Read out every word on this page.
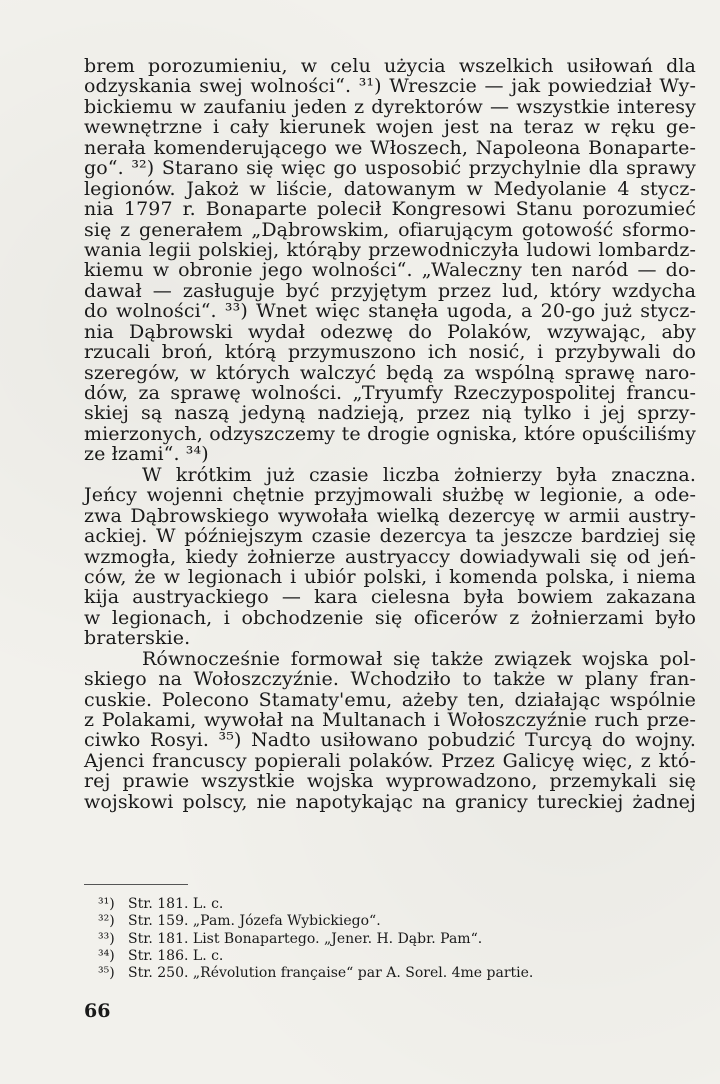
brem porozumieniu, w celu użycia wszelkich usiłowań dla
odzyskania swej wolności“. ³¹) Wreszcie — jak powiedział Wy-
bickiemu w zaufaniu jeden z dyrektorów — wszystkie interesy
wewnętrzne i cały kierunek wojen jest na teraz w ręku ge-
nerała komenderującego we Włoszech, Napoleona Bonaparte-
go“. ³²) Starano się więc go usposobić przychylnie dla sprawy
legionów. Jakoż w liście, datowanym w Medyolanie 4 stycz-
nia 1797 r. Bonaparte polecił Kongresowi Stanu porozumieć
się z generałem „Dąbrowskim, ofiarującym gotowość sformo-
wania legii polskiej, którąby przewodniczyła ludowi lombardz-
kiemu w obronie jego wolności“. „Waleczny ten naród — do-
dawał — zasługuje być przyjętym przez lud, który wzdycha
do wolności“. ³³) Wnet więc stanęła ugoda, a 20-go już stycz-
nia Dąbrowski wydał odezwę do Polaków, wzywając, aby
rzucali broń, którą przymuszono ich nosić, i przybywali do
szeregów, w których walczyć będą za wspólną sprawę naro-
dów, za sprawę wolności. „Tryumfy Rzeczypospolitej francu-
skiej są naszą jedyną nadzieją, przez nią tylko i jej sprzy-
mierzonych, odzyszczemy te drogie ogniska, które opuściliśmy
ze łzami“. ³⁴)
W krótkim już czasie liczba żołnierzy była znaczna.
Jeńcy wojenni chętnie przyjmowali służbę w legionie, a ode-
zwa Dąbrowskiego wywołała wielką dezercyę w armii austry-
ackiej. W późniejszym czasie dezercya ta jeszcze bardziej się
wzmogła, kiedy żołnierze austryaccy dowiadywali się od jeń-
ców, że w legionach i ubiór polski, i komenda polska, i niema
kija austryackiego — kara cielesna była bowiem zakazana
w legionach, i obchodzenie się oficerów z żołnierzami było
braterskie.
Równocześnie formował się także związek wojska pol-
skiego na Wołoszczyźnie. Wchodziło to także w plany fran-
cuskie. Polecono Stamaty'emu, ażeby ten, działając wspólnie
z Polakami, wywołał na Multanach i Wołoszczyźnie ruch prze-
ciwko Rosyi. ³⁵) Nadto usiłowano pobudzić Turcyą do wojny.
Ajenci francuscy popierali polaków. Przez Galicyę więc, z któ-
rej prawie wszystkie wojska wyprowadzono, przemykali się
wojskowi polscy, nie napotykając na granicy tureckiej żadnej
³¹) Str. 181. L. c.
³²) Str. 159. „Pam. Józefa Wybickiego“.
³³) Str. 181. List Bonapartego. „Jener. H. Dąbr. Pam“.
³⁴) Str. 186. L. c.
³⁵) Str. 250. „Révolution française“ par A. Sorel. 4me partie.
66
